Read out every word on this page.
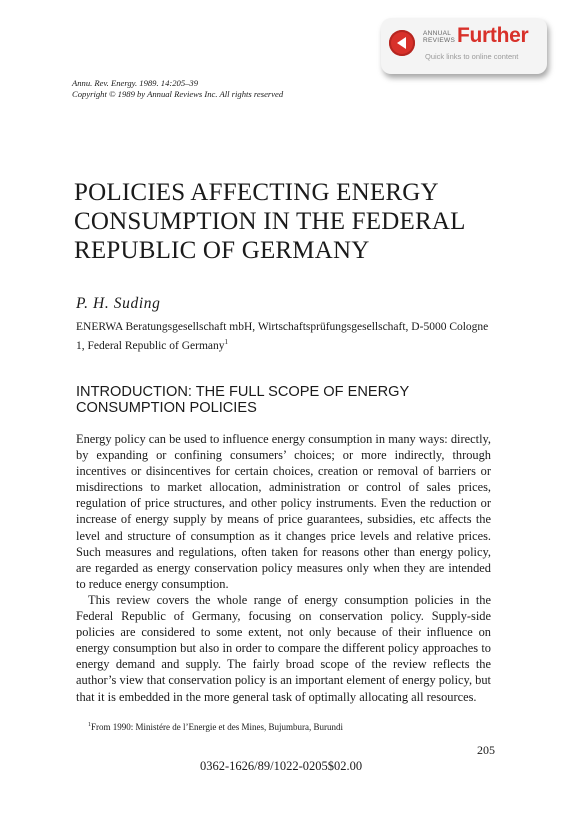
ANNUAL
REVIEWS Further
Quick links to online content
Annu. Rev. Energy. 1989. 14:205–39
Copyright © 1989 by Annual Reviews Inc. All rights reserved
POLICIES AFFECTING ENERGY
CONSUMPTION IN THE FEDERAL
REPUBLIC OF GERMANY
P. H. Suding
ENERWA Beratungsgesellschaft mbH, Wirtschaftsprüfungsgesellschaft, D-5000 Cologne 1, Federal Republic of Germany$^1$
INTRODUCTION: THE FULL SCOPE OF ENERGY
CONSUMPTION POLICIES

Energy policy can be used to influence energy consumption in many ways: directly, by expanding or confining consumers’ choices; or more indirectly, through incentives or disincentives for certain choices, creation or removal of barriers or misdirections to market allocation, administration or control of sales prices, regulation of price structures, and other policy instruments. Even the reduction or increase of energy supply by means of price guarantees, subsidies, etc affects the level and structure of consumption as it changes price levels and relative prices. Such measures and regulations, often taken for reasons other than energy policy, are regarded as energy conservation policy measures only when they are intended to reduce energy consumption.

This review covers the whole range of energy consumption policies in the Federal Republic of Germany, focusing on conservation policy. Supply-side policies are considered to some extent, not only because of their influence on energy consumption but also in order to compare the different policy approaches to energy demand and supply. The fairly broad scope of the review reflects the author’s view that conservation policy is an important element of energy policy, but that it is embedded in the more general task of optimally allocating all resources.

$^1$From 1990: Ministére de l’Energie et des Mines, Bujumbura, Burundi
205
0362-1626/89/1022-0205$02.00
